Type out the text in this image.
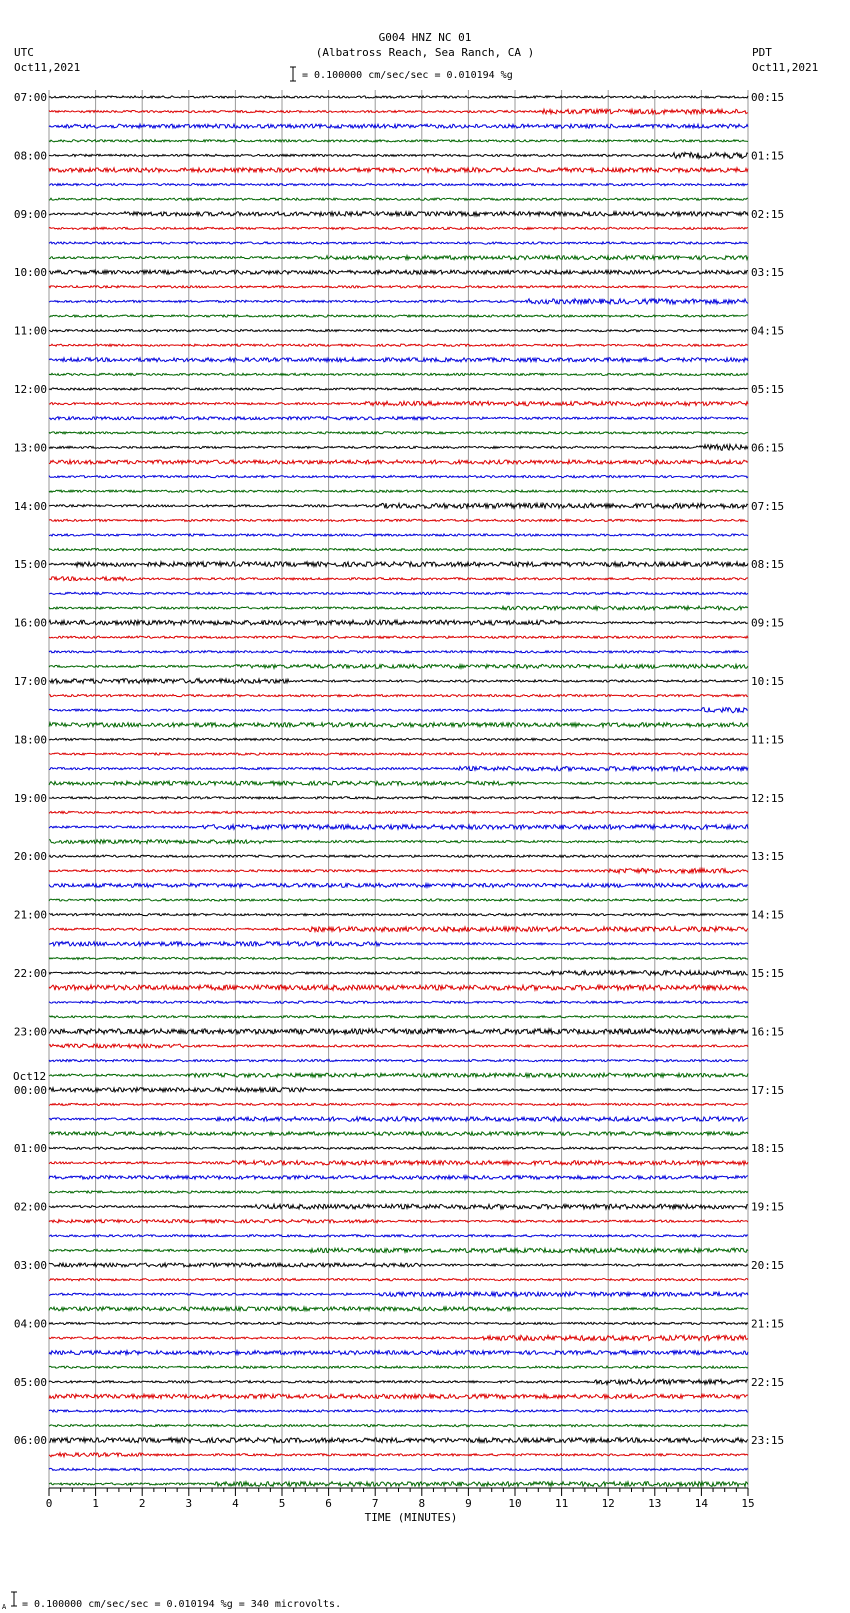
0	1	2	3	4	5	6	7	8	9	10	11	12	13	14	15
07:00
08:00
09:00
10:00
11:00
12:00
13:00
14:00
15:00
16:00
17:00
18:00
19:00
20:00
21:00
22:00
23:00
00:00
01:00
02:00
03:00
04:00
05:00
06:00
00:15
01:15
02:15
03:15
04:15
05:15
06:15
07:15
08:15
09:15
10:15
11:15
12:15
13:15
14:15
15:15
16:15
17:15
18:15
19:15
20:15
21:15
22:15
23:15
Oct12
G004 HNZ NC 01
(Albatross Reach, Sea Ranch, CA )
= 0.100000 cm/sec/sec = 0.010194 %g
UTC
Oct11,2021
PDT
Oct11,2021
TIME (MINUTES)
A = 0.100000 cm/sec/sec = 0.010194 %g = 340 microvolts.
